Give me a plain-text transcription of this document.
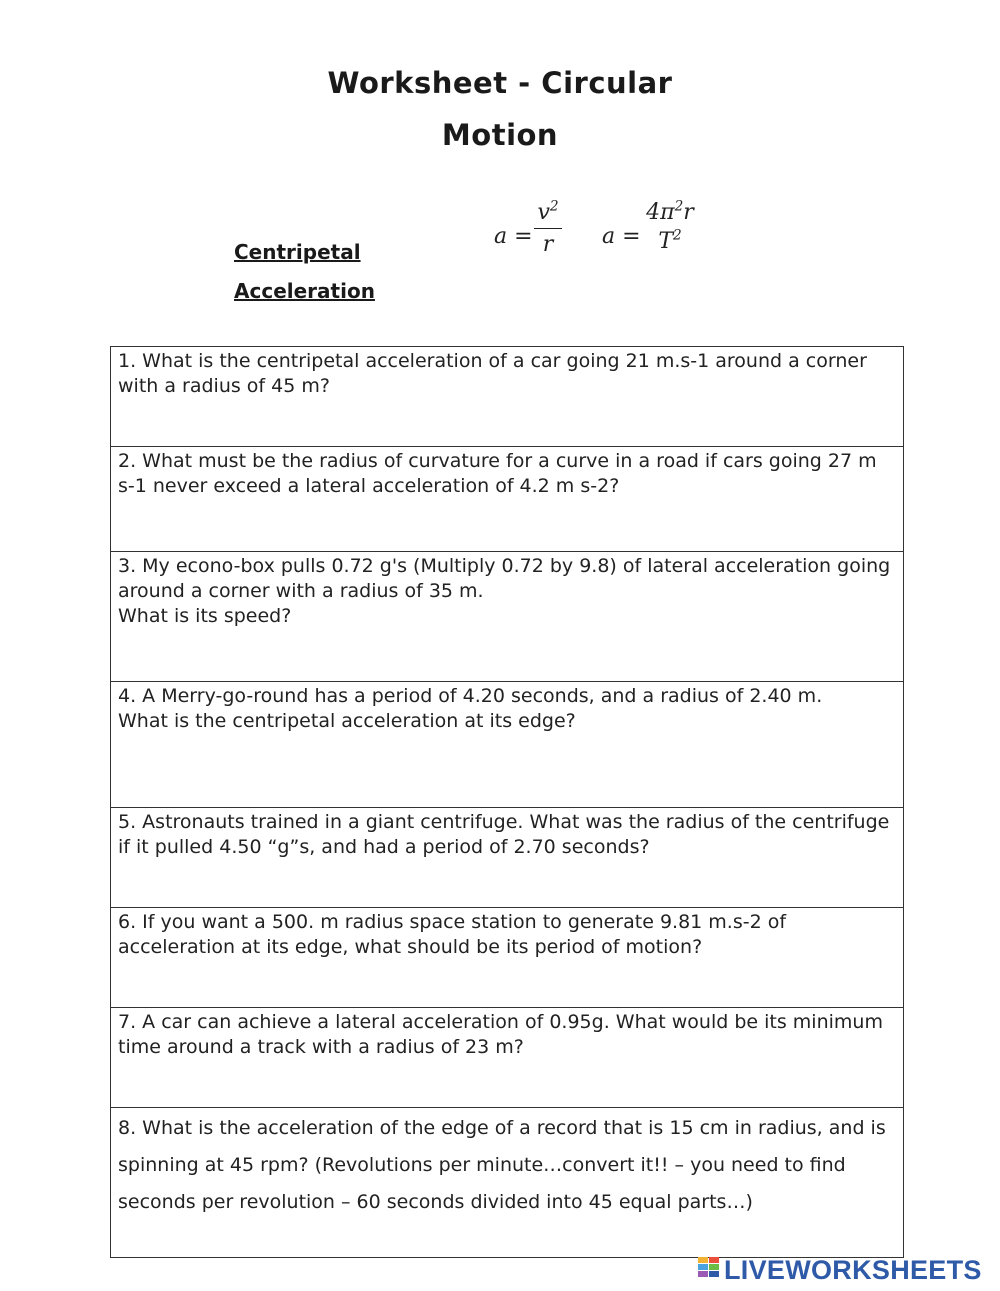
Worksheet - Circular
Motion
Centripetal
Acceleration
a =
$v^2$
r	a =
$4\pi^2r$
$T^2$
1. What is the centripetal acceleration of a car going 21 m.s-1 around a corner with a radius of 45 m?

2. What must be the radius of curvature for a curve in a road if cars going 27 m s-1 never exceed a lateral acceleration of 4.2 m s-2?

3. My econo-box pulls 0.72 g's (Multiply 0.72 by 9.8) of lateral acceleration going around a corner with a radius of 35 m.
What is its speed?

4. A Merry-go-round has a period of 4.20 seconds, and a radius of 2.40 m.
What is the centripetal acceleration at its edge?

5. Astronauts trained in a giant centrifuge. What was the radius of the centrifuge if it pulled 4.50 “g”s, and had a period of 2.70 seconds?

6. If you want a 500. m radius space station to generate 9.81 m.s-2 of acceleration at its edge, what should be its period of motion?

7. A car can achieve a lateral acceleration of 0.95g. What would be its minimum time around a track with a radius of 23 m?

8. What is the acceleration of the edge of a record that is 15 cm in radius, and is spinning at 45 rpm? (Revolutions per minute…convert it!! – you need to find seconds per revolution – 60 seconds divided into 45 equal parts…)
LIVEWORKSHEETS
